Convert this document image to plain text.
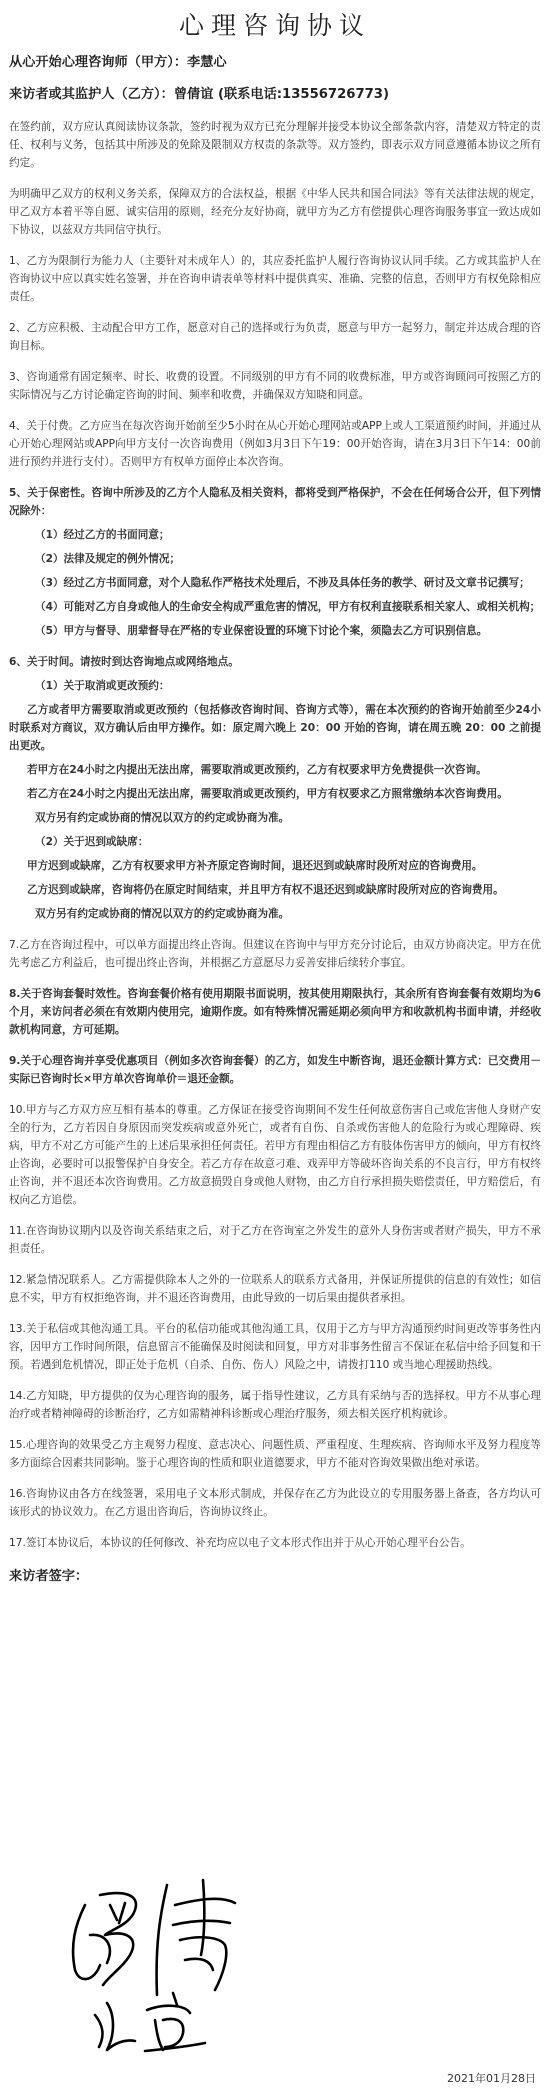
心理咨询协议
从心开始心理咨询师（甲方）：李慧心
来访者或其监护人（乙方）：曾倩谊 (联系电话:13556726773)

在签约前，双方应认真阅读协议条款，签约时视为双方已充分理解并接受本协议全部条款内容，清楚双方特定的责任、权利与义务，包括其中所涉及的免除及限制双方权责的条款等。双方签约，即表示双方同意遵循本协议之所有约定。

为明确甲乙双方的权利义务关系，保障双方的合法权益，根据《中华人民共和国合同法》等有关法律法规的规定，甲乙双方本着平等自愿、诚实信用的原则，经充分友好协商，就甲方为乙方有偿提供心理咨询服务事宜一致达成如下协议，以兹双方共同信守执行。

1、乙方为限制行为能力人（主要针对未成年人）的，其应委托监护人履行咨询协议认同手续。乙方或其监护人在咨询协议中应以真实姓名签署，并在咨询申请表单等材料中提供真实、准确、完整的信息，否则甲方有权免除相应责任。

2、乙方应积极、主动配合甲方工作，愿意对自己的选择或行为负责，愿意与甲方一起努力，制定并达成合理的咨询目标。

3、咨询通常有固定频率、时长、收费的设置。不同级别的甲方有不同的收费标准，甲方或咨询顾问可按照乙方的实际情况与乙方讨论确定咨询的时间、频率和收费，并确保双方知晓和同意。

4、关于付费。乙方应当在每次咨询开始前至少5小时在从心开始心理网站或APP上或人工渠道预约时间，并通过从心开始心理网站或APP向甲方支付一次咨询费用（例如3月3日下午19：00开始咨询，请在3月3日下午14：00前进行预约并进行支付）。否则甲方有权单方面停止本次咨询。

5、关于保密性。咨询中所涉及的乙方个人隐私及相关资料，都将受到严格保护，不会在任何场合公开，但下列情况除外：

（1）经过乙方的书面同意；

（2）法律及规定的例外情况；

（3）经过乙方书面同意，对个人隐私作严格技术处理后，不涉及具体任务的教学、研讨及文章书记撰写；

（4）可能对乙方自身或他人的生命安全构成严重危害的情况，甲方有权利直接联系相关家人、或相关机构；

（5）甲方与督导、朋辈督导在严格的专业保密设置的环境下讨论个案，须隐去乙方可识别信息。

6、关于时间。请按时到达咨询地点或网络地点。

（1）关于取消或更改预约：

乙方或者甲方需要取消或更改预约（包括修改咨询时间、咨询方式等），需在本次预约的咨询开始前至少24小时联系对方商议，双方确认后由甲方操作。如：原定周六晚上 20：00 开始的咨询，请在周五晚 20：00 之前提出更改。

若甲方在24小时之内提出无法出席，需要取消或更改预约，乙方有权要求甲方免费提供一次咨询。

若乙方在24小时之内提出无法出席，需要取消或更改预约，甲方有权要求乙方照常缴纳本次咨询费用。

双方另有约定或协商的情况以双方的约定或协商为准。

（2）关于迟到或缺席：

甲方迟到或缺席，乙方有权要求甲方补齐原定咨询时间，退还迟到或缺席时段所对应的咨询费用。

乙方迟到或缺席，咨询将仍在原定时间结束，并且甲方有权不退还迟到或缺席时段所对应的咨询费用。

双方另有约定或协商的情况以双方的约定或协商为准。

7.乙方在咨询过程中，可以单方面提出终止咨询。但建议在咨询中与甲方充分讨论后，由双方协商决定。甲方在优先考虑乙方利益后，也可提出终止咨询，并根据乙方意愿尽力妥善安排后续转介事宜。

8.关于咨询套餐时效性。咨询套餐价格有使用期限书面说明，按其使用期限执行，其余所有咨询套餐有效期均为6个月，来访问者必须在有效期内使用完，逾期作废。如有特殊情况需延期必须向甲方和收款机构书面申请，并经收款机构同意，方可延期。

9.关于心理咨询并享受优惠项目（例如多次咨询套餐）的乙方，如发生中断咨询，退还金额计算方式：已交费用－实际已咨询时长×甲方单次咨询单价＝退还金额。

10.甲方与乙方双方应互相有基本的尊重。乙方保证在接受咨询期间不发生任何故意伤害自己或危害他人身财产安全的行为，乙方若因自身原因而突发疾病或意外死亡，或者有自伤、自杀或伤害他人的危险行为或心理障碍、疾病，甲方不对乙方可能产生的上述后果承担任何责任。若甲方有理由相信乙方有肢体伤害甲方的倾向，甲方有权终止咨询，必要时可以报警保护自身安全。若乙方存在故意刁难、戏弄甲方等破坏咨询关系的不良言行，甲方有权终止咨询，并不退还本次咨询费用。乙方故意损毁自身或他人财物，由乙方自行承担损失赔偿责任，甲方赔偿后，有权向乙方追偿。

11.在咨询协议期内以及咨询关系结束之后，对于乙方在咨询室之外发生的意外人身伤害或者财产损失，甲方不承担责任。

12.紧急情况联系人。乙方需提供除本人之外的一位联系人的联系方式备用，并保证所提供的信息的有效性；如信息不实，甲方有权拒绝咨询，并不退还咨询费用，由此导致的一切后果由提供者承担。

13.关于私信或其他沟通工具。平台的私信功能或其他沟通工具，仅用于乙方与甲方沟通预约时间更改等事务性内容，因甲方工作时间所限，信息留言不能确保及时阅读和回复，甲方对非事务性留言不保证在私信中给予回复和干预。若遇到危机情况，即正处于危机（自杀、自伤、伤人）风险之中，请拨打110 或当地心理援助热线。

14.乙方知晓，甲方提供的仅为心理咨询的服务，属于指导性建议，乙方具有采纳与否的选择权。甲方不从事心理治疗或者精神障碍的诊断治疗，乙方如需精神科诊断或心理治疗服务，须去相关医疗机构就诊。

15.心理咨询的效果受乙方主观努力程度、意志决心、问题性质、严重程度、生理疾病、咨询师水平及努力程度等多方面综合因素共同影响。鉴于心理咨询的性质和职业道德要求，甲方不能对咨询效果做出绝对承诺。

16.咨询协议由各方在线签署，采用电子文本形式制成，并保存在乙方为此设立的专用服务器上备查，各方均认可该形式的协议效力。在乙方退出咨询后，咨询协议终止。

17.签订本协议后，本协议的任何修改、补充均应以电子文本形式作出并于从心开始心理平台公告。

来访者签字：
2021年01月28日
